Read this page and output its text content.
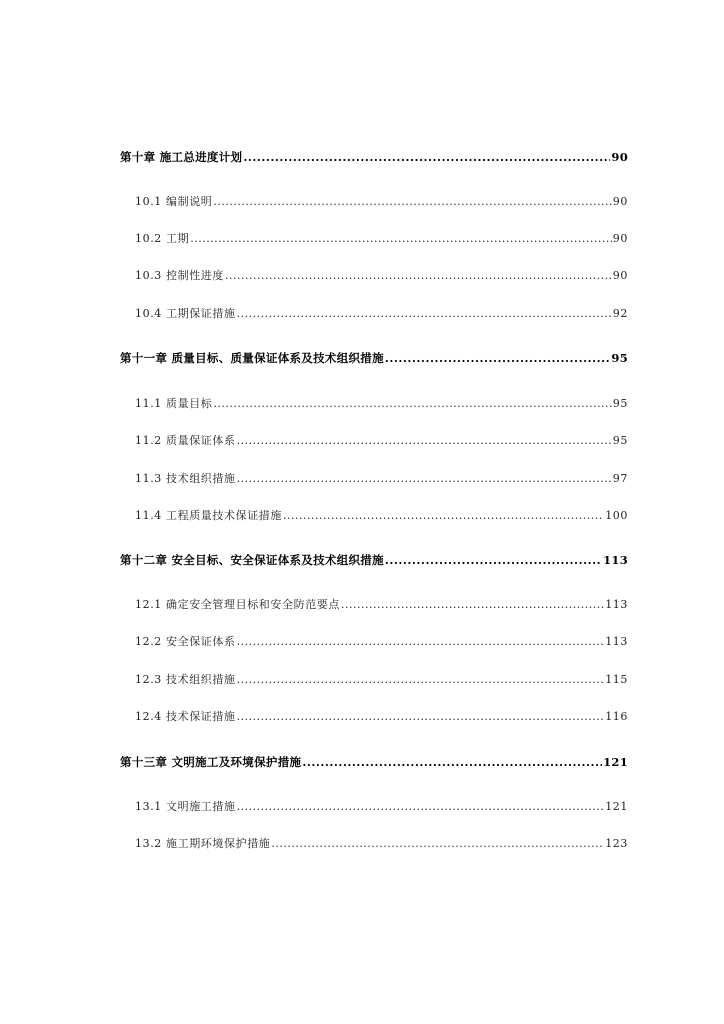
第十章 施工总进度计划 .....	90
10.1 编制说明 .....	90
10.2 工期 .....	90
10.3 控制性进度 .....	90
10.4 工期保证措施 .....	92
第十一章 质量目标、质量保证体系及技术组织措施 .....	95
11.1 质量目标 .....	95
11.2 质量保证体系 .....	95
11.3 技术组织措施 .....	97
11.4 工程质量技术保证措施 .....	100
第十二章 安全目标、安全保证体系及技术组织措施 .....	113
12.1 确定安全管理目标和安全防范要点 .....	113
12.2 安全保证体系 .....	113
12.3 技术组织措施 .....	115
12.4 技术保证措施 .....	116
第十三章 文明施工及环境保护措施 .....	121
13.1 文明施工措施 .....	121
13.2 施工期环境保护措施 .....	123
